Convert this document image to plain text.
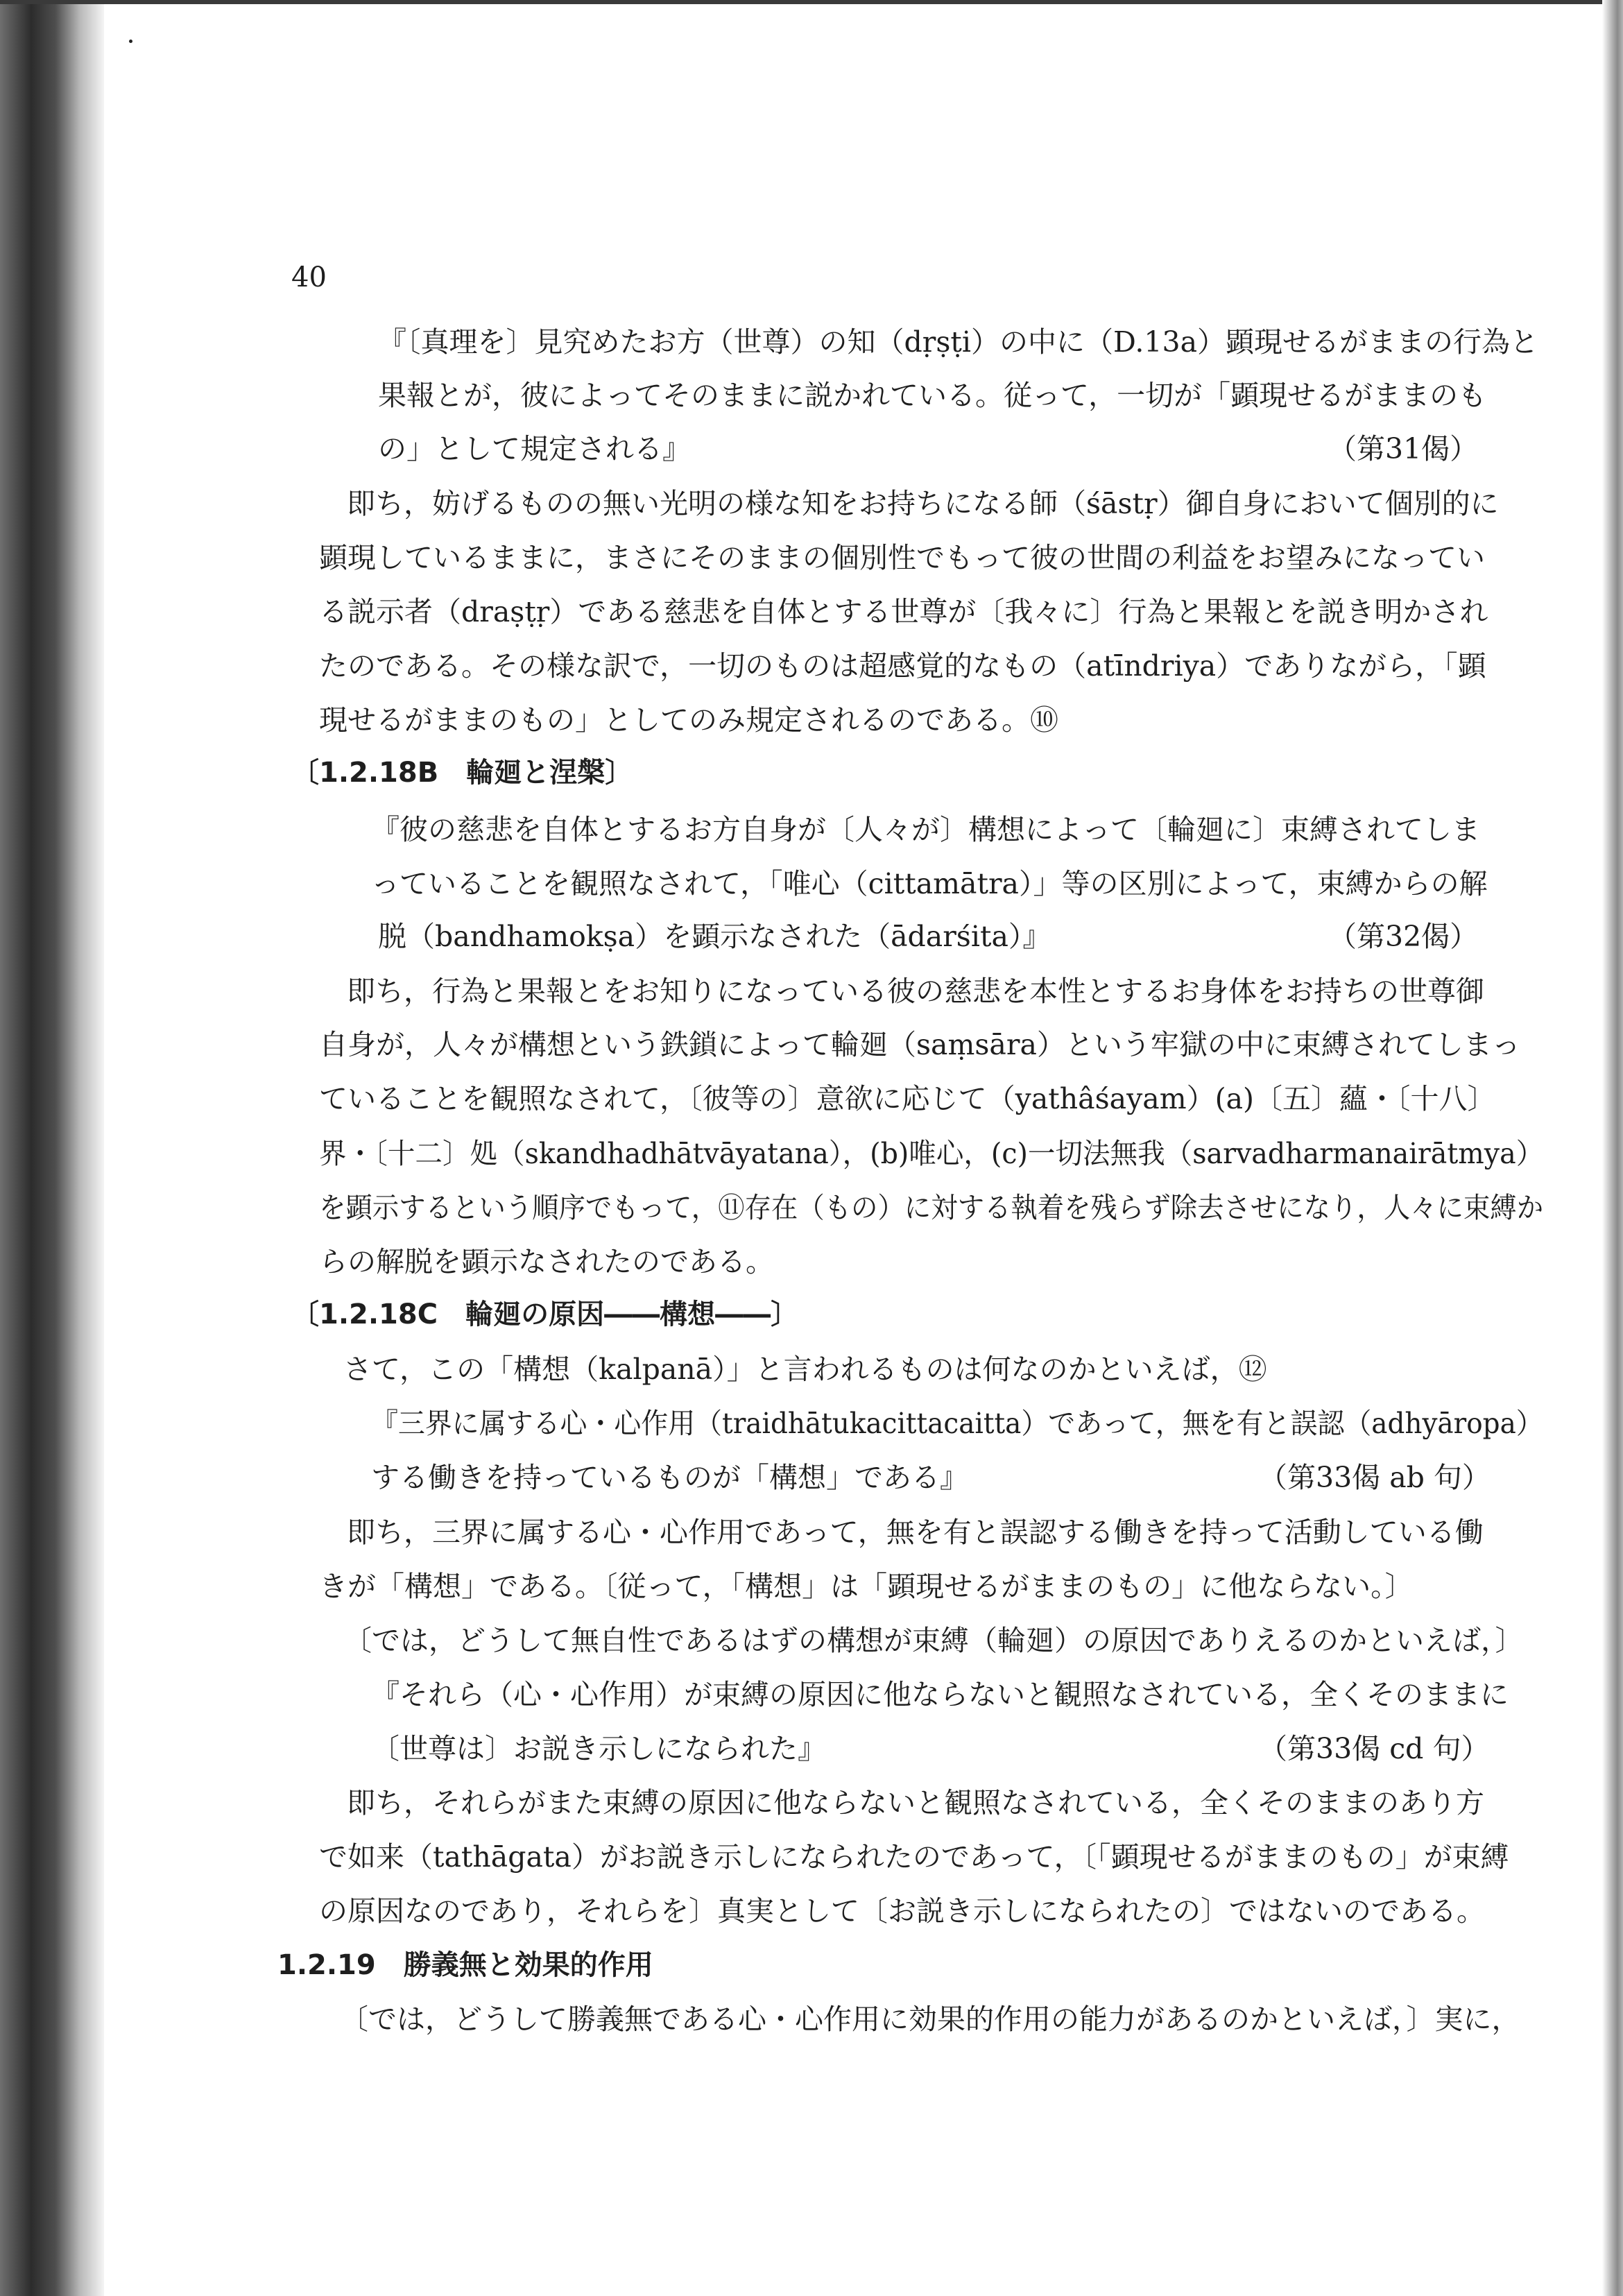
40

『〔真理を〕見究めたお方（世尊）の知（dṛṣṭi）の中に（D.13a）顕現せるがままの行為と

果報とが，彼によってそのままに説かれている。従って，一切が「顕現せるがままのも

の」として規定される』	（第31偈）

即ち，妨げるものの無い光明の様な知をお持ちになる師（śāstṛ）御自身において個別的に

顕現しているままに，まさにそのままの個別性でもって彼の世間の利益をお望みになってい

る説示者（draṣṭṛ）である慈悲を自体とする世尊が〔我々に〕行為と果報とを説き明かされ

たのである。その様な訳で，一切のものは超感覚的なもの（atīndriya）でありながら，「顕

現せるがままのもの」としてのみ規定されるのである。⑩

〔1.2.18B　輪廻と涅槃〕

『彼の慈悲を自体とするお方自身が〔人々が〕構想によって〔輪廻に〕束縛されてしま

っていることを観照なされて，「唯心（cittamātra）」等の区別によって，束縛からの解

脱（bandhamokṣa）を顕示なされた（ādarśita）』	（第32偈）

即ち，行為と果報とをお知りになっている彼の慈悲を本性とするお身体をお持ちの世尊御

自身が，人々が構想という鉄鎖によって輪廻（saṃsāra）という牢獄の中に束縛されてしまっ

ていることを観照なされて，〔彼等の〕意欲に応じて（yathâśayam）(a)〔五〕蘊・〔十八〕

界・〔十二〕処（skandhadhātvāyatana），(b)唯心，(c)一切法無我（sarvadharmanairātmya）

を顕示するという順序でもって，⑪存在（もの）に対する執着を残らず除去させになり，人々に束縛か

らの解脱を顕示なされたのである。

〔1.2.18C　輪廻の原因――構想――〕

さて，この「構想（kalpanā）」と言われるものは何なのかといえば，⑫

『三界に属する心・心作用（traidhātukacittacaitta）であって，無を有と誤認（adhyāropa）

する働きを持っているものが「構想」である』	（第33偈 ab 句）

即ち，三界に属する心・心作用であって，無を有と誤認する働きを持って活動している働

きが「構想」である。〔従って，「構想」は「顕現せるがままのもの」に他ならない。〕

〔では，どうして無自性であるはずの構想が束縛（輪廻）の原因でありえるのかといえば，〕

『それら（心・心作用）が束縛の原因に他ならないと観照なされている，全くそのままに

〔世尊は〕お説き示しになられた』	（第33偈 cd 句）

即ち，それらがまた束縛の原因に他ならないと観照なされている，全くそのままのあり方

で如来（tathāgata）がお説き示しになられたのであって，〔「顕現せるがままのもの」が束縛

の原因なのであり，それらを〕真実として〔お説き示しになられたの〕ではないのである。

1.2.19　勝義無と効果的作用

〔では，どうして勝義無である心・心作用に効果的作用の能力があるのかといえば，〕実に，
